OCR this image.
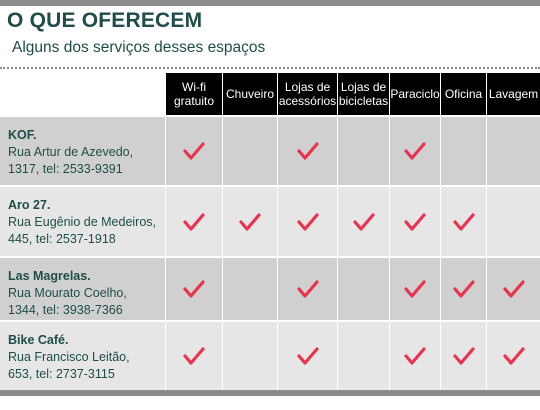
O QUE OFERECEM
Alguns dos serviços desses espaços
Wi-fi
gratuito Chuveiro Lojas de
acessórios
Lojas de
bicicletas Paraciclo Oficina Lavagem
KOF.
Rua Artur de Azevedo,
1317, tel: 2533-9391
Aro 27.
Rua Eugênio de Medeiros,
445, tel: 2537-1918
Las Magrelas.
Rua Mourato Coelho,
1344, tel: 3938-7366
Bike Café.
Rua Francisco Leitão,
653, tel: 2737-3115
